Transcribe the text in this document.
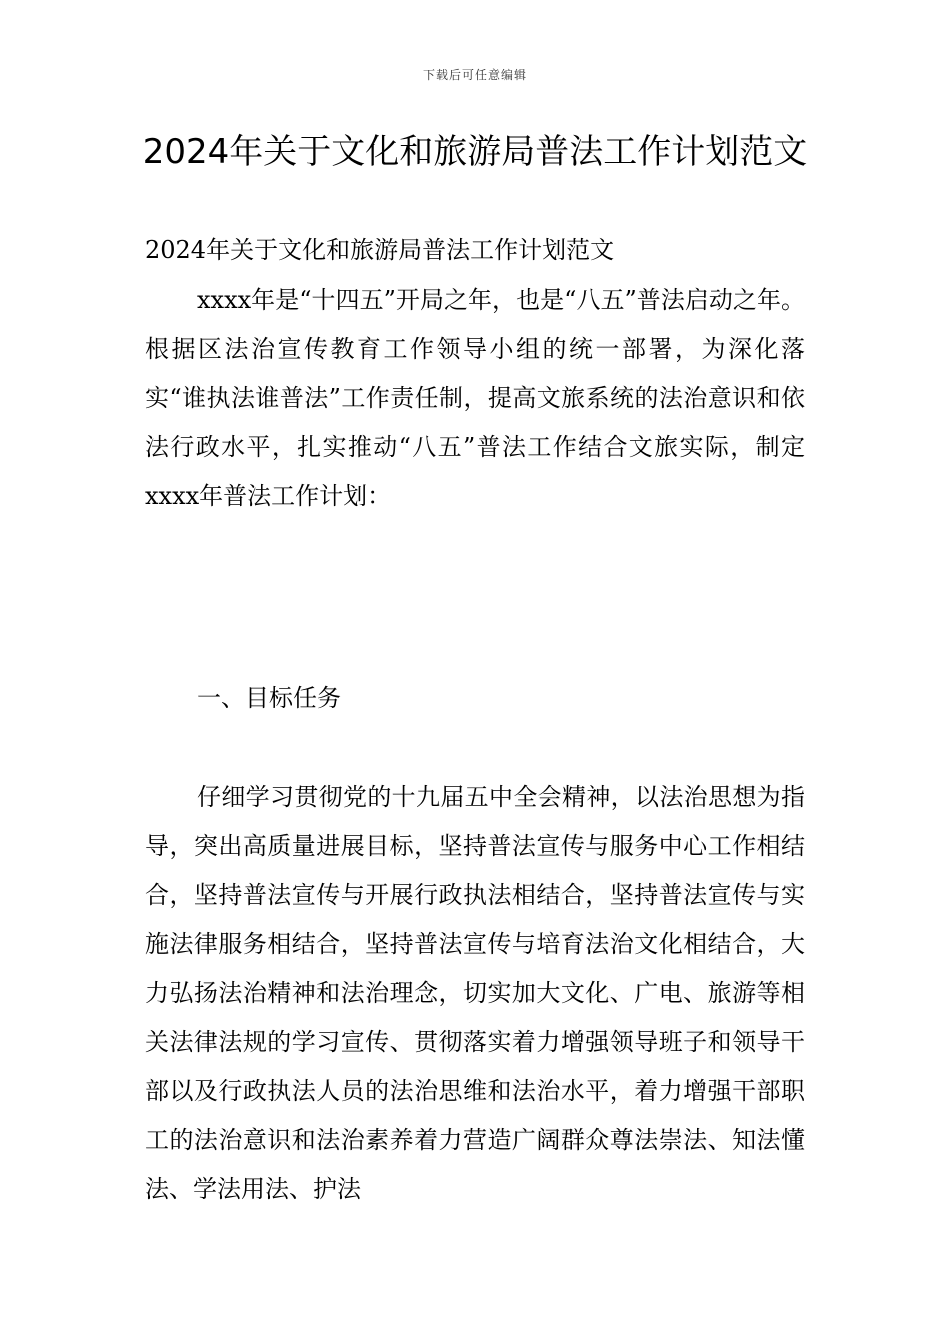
下载后可任意编辑
2024年关于文化和旅游局普法工作计划范文
2024年关于文化和旅游局普法工作计划范文

xxxx年是“十四五”开局之年，也是“八五”普法启动之年。根据区法治宣传教育工作领导小组的统一部署，为深化落实“谁执法谁普法”工作责任制，提高文旅系统的法治意识和依法行政水平，扎实推动“八五”普法工作结合文旅实际，制定xxxx年普法工作计划：

一、目标任务

仔细学习贯彻党的十九届五中全会精神，以法治思想为指导，突出高质量进展目标，坚持普法宣传与服务中心工作相结合，坚持普法宣传与开展行政执法相结合，坚持普法宣传与实施法律服务相结合，坚持普法宣传与培育法治文化相结合，大力弘扬法治精神和法治理念，切实加大文化、广电、旅游等相关法律法规的学习宣传、贯彻落实着力增强领导班子和领导干部以及行政执法人员的法治思维和法治水平，着力增强干部职工的法治意识和法治素养着力营造广阔群众尊法崇法、知法懂法、学法用法、护法
